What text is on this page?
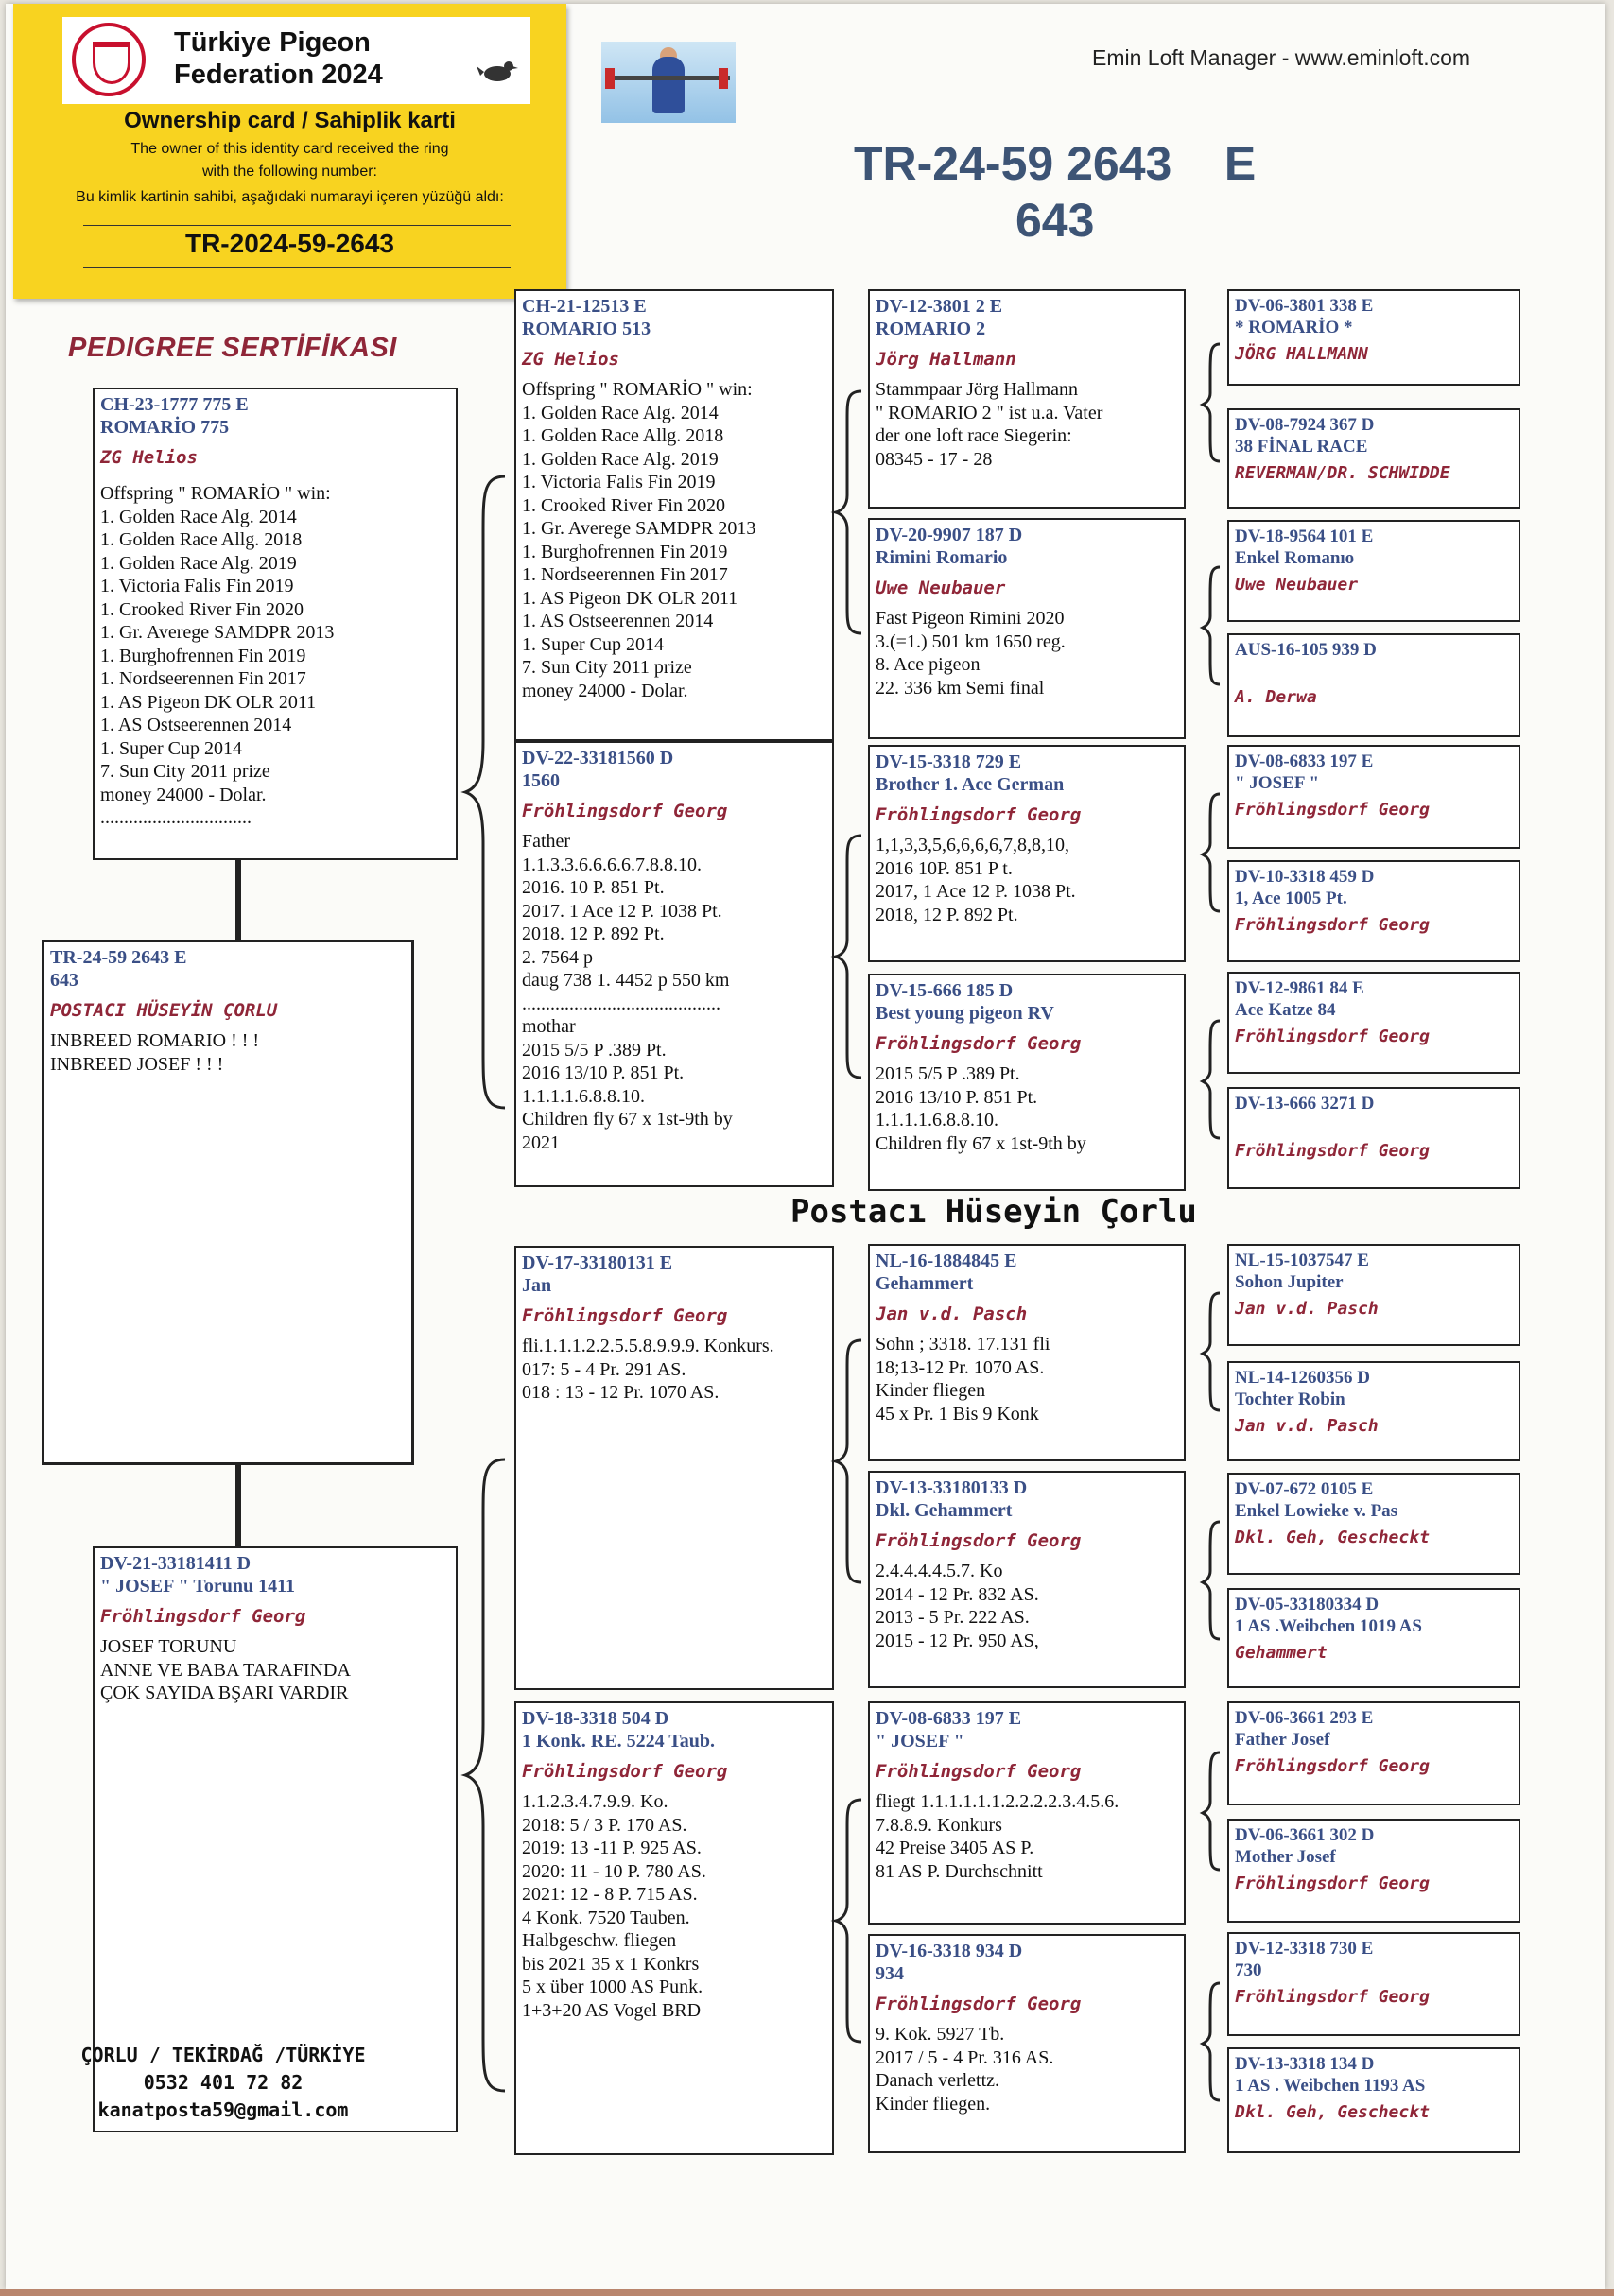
Türkiye Pigeon Federation 2024
Ownership card / Sahiplik karti
The owner of this identity card received the ring with the following number:
Bu kimlik kartinin sahibi, aşağıdaki numarayi içeren yüzüğü aldı:
TR-2024-59-2643
Emin Loft Manager - www.eminloft.com
TR-24-59 2643    E
643
PEDIGREE SERTİFİKASI
TR-24-59 2643 E
643
POSTACI HÜSEYİN ÇORLU
INBREED ROMARIO ! ! !
INBREED JOSEF ! ! !
CH-23-1777 775 E
ROMARİO 775
ZG Helios
Offspring " ROMARİO " win:
1. Golden Race Alg. 2014
1. Golden Race Allg. 2018
1. Golden Race Alg. 2019
1. Victoria Falis Fin 2019
1. Crooked River Fin 2020
1. Gr. Averege SAMDPR 2013
1. Burghofrennen Fin 2019
1. Nordseerennen Fin 2017
1. AS Pigeon DK OLR 2011
1. AS Ostseerennen 2014
1. Super Cup 2014
7. Sun City 2011 prize
money 24000 - Dolar.
................................
DV-21-33181411 D
" JOSEF " Torunu 1411
Fröhlingsdorf Georg
JOSEF TORUNU
ANNE VE BABA TARAFINDA
ÇOK SAYIDA BŞARI VARDIR
CH-21-12513 E
ROMARIO 513
ZG Helios
Offspring " ROMARİO " win:
1. Golden Race Alg. 2014
1. Golden Race Allg. 2018
1. Golden Race Alg. 2019
1. Victoria Falis Fin 2019
1. Crooked River Fin 2020
1. Gr. Averege SAMDPR 2013
1. Burghofrennen Fin 2019
1. Nordseerennen Fin 2017
1. AS Pigeon DK OLR 2011
1. AS Ostseerennen 2014
1. Super Cup 2014
7. Sun City 2011 prize
money 24000 - Dolar.
DV-22-33181560 D
1560
Fröhlingsdorf Georg
Father
1.1.3.3.6.6.6.6.7.8.8.10.
2016. 10 P. 851 Pt.
2017. 1 Ace 12 P. 1038 Pt.
2018. 12 P. 892 Pt.
2. 7564 p
daug 738 1. 4452 p 550 km
..........................................
mothar
2015 5/5 P .389 Pt.
2016 13/10 P. 851 Pt.
1.1.1.1.6.8.8.10.
Children fly 67 x 1st-9th by
2021
DV-17-33180131 E
Jan
Fröhlingsdorf Georg
fli.1.1.1.2.2.5.5.8.9.9.9. Konkurs.
017: 5 - 4 Pr. 291 AS.
018 : 13 - 12 Pr. 1070 AS.
DV-18-3318 504 D
1 Konk. RE. 5224 Taub.
Fröhlingsdorf Georg
1.1.2.3.4.7.9.9. Ko.
2018: 5 / 3 P. 170 AS.
2019: 13 -11 P. 925 AS.
2020: 11 - 10 P. 780 AS.
2021: 12 - 8 P. 715 AS.
4 Konk. 7520 Tauben.
Halbgeschw. fliegen
bis 2021 35 x 1 Konkrs
5 x über 1000 AS Punk.
1+3+20 AS Vogel BRD
DV-12-3801 2 E
ROMARIO 2
Jörg Hallmann
Stammpaar Jörg Hallmann
" ROMARIO 2 " ist u.a. Vater
der one loft race Siegerin:
08345 - 17 - 28
DV-20-9907 187 D
Rimini Romario
Uwe Neubauer
Fast Pigeon Rimini 2020
3.(=1.) 501 km 1650 reg.
8. Ace pigeon
22. 336 km Semi final
DV-15-3318 729 E
Brother 1. Ace German
Fröhlingsdorf Georg
1,1,3,3,5,6,6,6,6,7,8,8,10,
2016 10P. 851 P t.
2017, 1 Ace 12 P. 1038 Pt.
2018, 12 P. 892 Pt.
DV-15-666 185 D
Best young pigeon RV
Fröhlingsdorf Georg
2015 5/5 P .389 Pt.
2016 13/10 P. 851 Pt.
1.1.1.1.6.8.8.10.
Children fly 67 x 1st-9th by
NL-16-1884845 E
Gehammert
Jan v.d. Pasch
Sohn ; 3318. 17.131 fli
18;13-12 Pr. 1070 AS.
Kinder fliegen
45 x Pr. 1 Bis 9 Konk
DV-13-33180133 D
Dkl. Gehammert
Fröhlingsdorf Georg
2.4.4.4.4.5.7. Ko
2014 - 12 Pr. 832 AS.
2013 - 5 Pr. 222 AS.
2015 - 12 Pr. 950 AS,
DV-08-6833 197 E
" JOSEF "
Fröhlingsdorf Georg
fliegt 1.1.1.1.1.1.2.2.2.2.3.4.5.6.
7.8.8.9. Konkurs
42 Preise 3405 AS P.
81 AS P. Durchschnitt
DV-16-3318 934 D
934
Fröhlingsdorf Georg
9. Kok. 5927 Tb.
2017 / 5 - 4 Pr. 316 AS.
Danach verlettz.
Kinder fliegen.
DV-06-3801 338 E
* ROMARİO *
JÖRG HALLMANN
DV-08-7924 367 D
38 FİNAL RACE
REVERMAN/DR. SCHWIDDE
DV-18-9564 101 E
Enkel Romanıo
Uwe Neubauer
AUS-16-105 939 D
A. Derwa
DV-08-6833 197 E
" JOSEF "
Fröhlingsdorf Georg
DV-10-3318 459 D
1, Ace 1005 Pt.
Fröhlingsdorf Georg
DV-12-9861 84 E
Ace Katze 84
Fröhlingsdorf Georg
DV-13-666 3271 D
Fröhlingsdorf Georg
NL-15-1037547 E
Sohon Jupiter
Jan v.d. Pasch
NL-14-1260356 D
Tochter Robin
Jan v.d. Pasch
DV-07-672 0105 E
Enkel Lowieke v. Pas
Dkl. Geh, Gescheckt
DV-05-33180334 D
1 AS .Weibchen 1019 AS
Gehammert
DV-06-3661 293 E
Father Josef
Fröhlingsdorf Georg
DV-06-3661 302 D
Mother Josef
Fröhlingsdorf Georg
DV-12-3318 730 E
730
Fröhlingsdorf Georg
DV-13-3318 134 D
1 AS . Weibchen 1193 AS
Dkl. Geh, Gescheckt
Postacı Hüseyin Çorlu
ÇORLU / TEKİRDAĞ /TÜRKİYE
0532 401 72 82
kanatposta59@gmail.com
